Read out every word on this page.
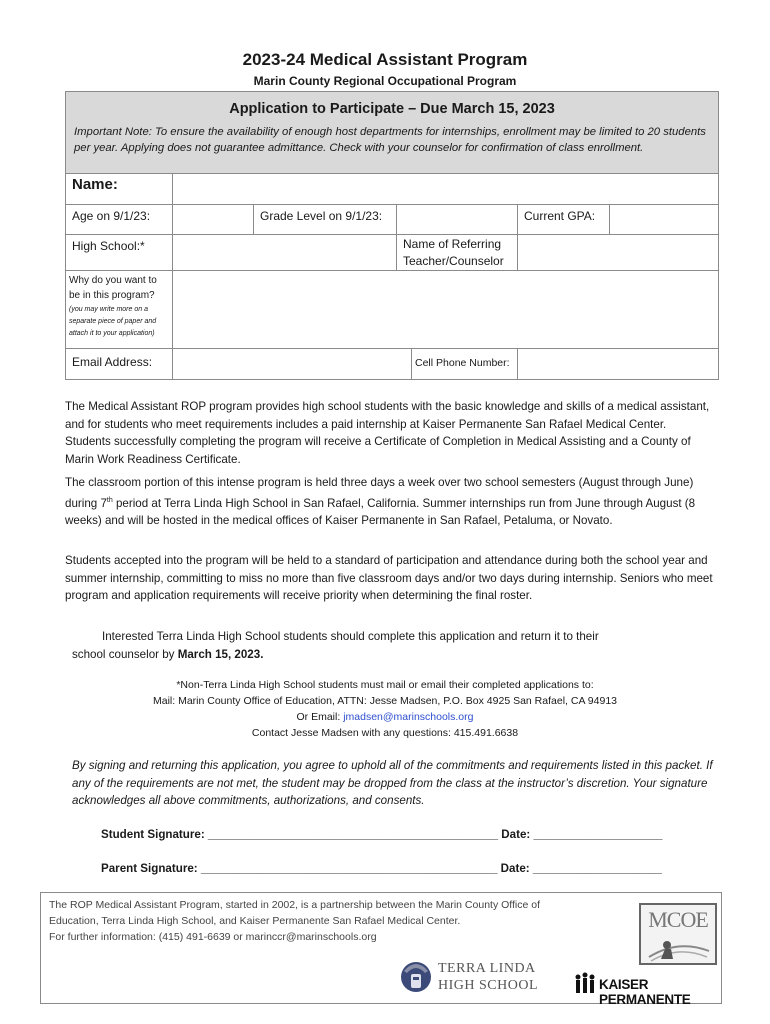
2023-24 Medical Assistant Program
Marin County Regional Occupational Program
Application to Participate – Due March 15, 2023
Important Note: To ensure the availability of enough host departments for internships, enrollment may be limited to 20 students per year. Applying does not guarantee admittance. Check with your counselor for confirmation of class enrollment.
Name:
Age on 9/1/23:	Grade Level on 9/1/23:	Current GPA:
High School:*	Name of Referring
Teacher/Counselor
Why do you want to
be in this program?
(you may write more on a separate piece of paper and attach it to your application)
Email Address:	Cell Phone Number:
The Medical Assistant ROP program provides high school students with the basic knowledge and skills of a medical assistant, and for students who meet requirements includes a paid internship at Kaiser Permanente San Rafael Medical Center. Students successfully completing the program will receive a Certificate of Completion in Medical Assisting and a County of Marin Work Readiness Certificate.
The classroom portion of this intense program is held three days a week over two school semesters (August through June) during 7th period at Terra Linda High School in San Rafael, California. Summer internships run from June through August (8 weeks) and will be hosted in the medical offices of Kaiser Permanente in San Rafael, Petaluma, or Novato.
Students accepted into the program will be held to a standard of participation and attendance during both the school year and summer internship, committing to miss no more than five classroom days and/or two days during internship. Seniors who meet program and application requirements will receive priority when determining the final roster.
Interested Terra Linda High School students should complete this application and return it to their
school counselor by March 15, 2023.
*Non-Terra Linda High School students must mail or email their completed applications to:
Mail: Marin County Office of Education, ATTN: Jesse Madsen, P.O. Box 4925 San Rafael, CA 94913
Or Email: jmadsen@marinschools.org
Contact Jesse Madsen with any questions: 415.491.6638
By signing and returning this application, you agree to uphold all of the commitments and requirements listed in this packet. If any of the requirements are not met, the student may be dropped from the class at the instructor’s discretion. Your signature acknowledges all above commitments, authorizations, and consents.
Student Signature: _____________________________________________ Date: ____________________
Parent Signature: ______________________________________________ Date: ____________________
The ROP Medical Assistant Program, started in 2002, is a partnership between the Marin County Office of
Education, Terra Linda High School, and Kaiser Permanente San Rafael Medical Center.
For further information: (415) 491-6639 or marinccr@marinschools.org
MCOE
TERRA LINDA
HIGH SCHOOL	KAISER PERMANENTE
